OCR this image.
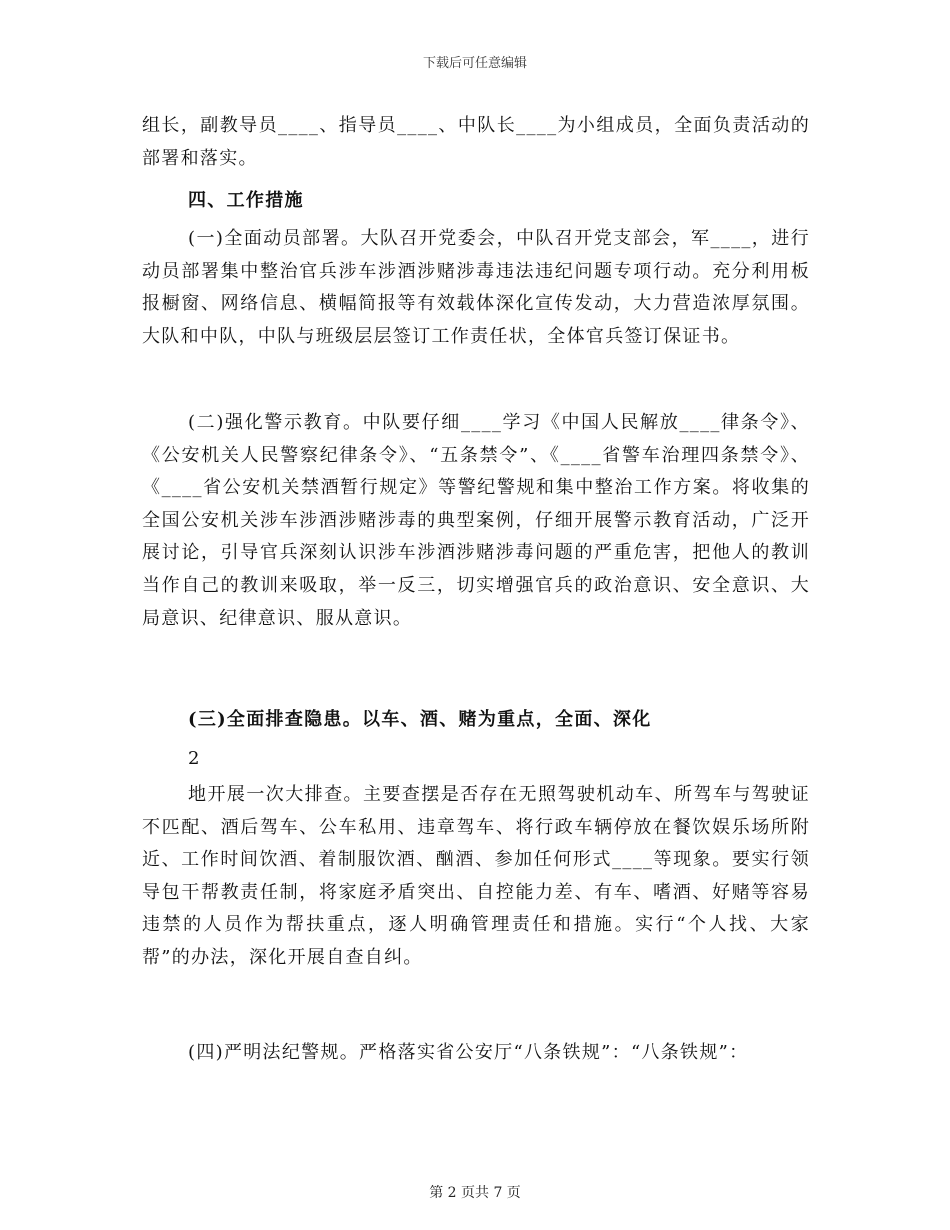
下载后可任意编辑

组长，副教导员____、指导员____、中队长____为小组成员，全面负责活动的部署和落实。

四、工作措施

(一)全面动员部署。大队召开党委会，中队召开党支部会，军____，进行动员部署集中整治官兵涉车涉酒涉赌涉毒违法违纪问题专项行动。充分利用板报橱窗、网络信息、横幅简报等有效载体深化宣传发动，大力营造浓厚氛围。大队和中队，中队与班级层层签订工作责任状，全体官兵签订保证书。

(二)强化警示教育。中队要仔细____学习《中国人民解放____律条令》、《公安机关人民警察纪律条令》、“五条禁令”、《____省警车治理四条禁令》、《____省公安机关禁酒暂行规定》等警纪警规和集中整治工作方案。将收集的全国公安机关涉车涉酒涉赌涉毒的典型案例，仔细开展警示教育活动，广泛开展讨论，引导官兵深刻认识涉车涉酒涉赌涉毒问题的严重危害，把他人的教训当作自己的教训来吸取，举一反三，切实增强官兵的政治意识、安全意识、大局意识、纪律意识、服从意识。

(三)全面排查隐患。以车、酒、赌为重点，全面、深化

2

地开展一次大排查。主要查摆是否存在无照驾驶机动车、所驾车与驾驶证不匹配、酒后驾车、公车私用、违章驾车、将行政车辆停放在餐饮娱乐场所附近、工作时间饮酒、着制服饮酒、酗酒、参加任何形式____等现象。要实行领导包干帮教责任制，将家庭矛盾突出、自控能力差、有车、嗜酒、好赌等容易违禁的人员作为帮扶重点，逐人明确管理责任和措施。实行“个人找、大家帮”的办法，深化开展自查自纠。

(四)严明法纪警规。严格落实省公安厅“八条铁规”：“八条铁规”：

第 2 页共 7 页
